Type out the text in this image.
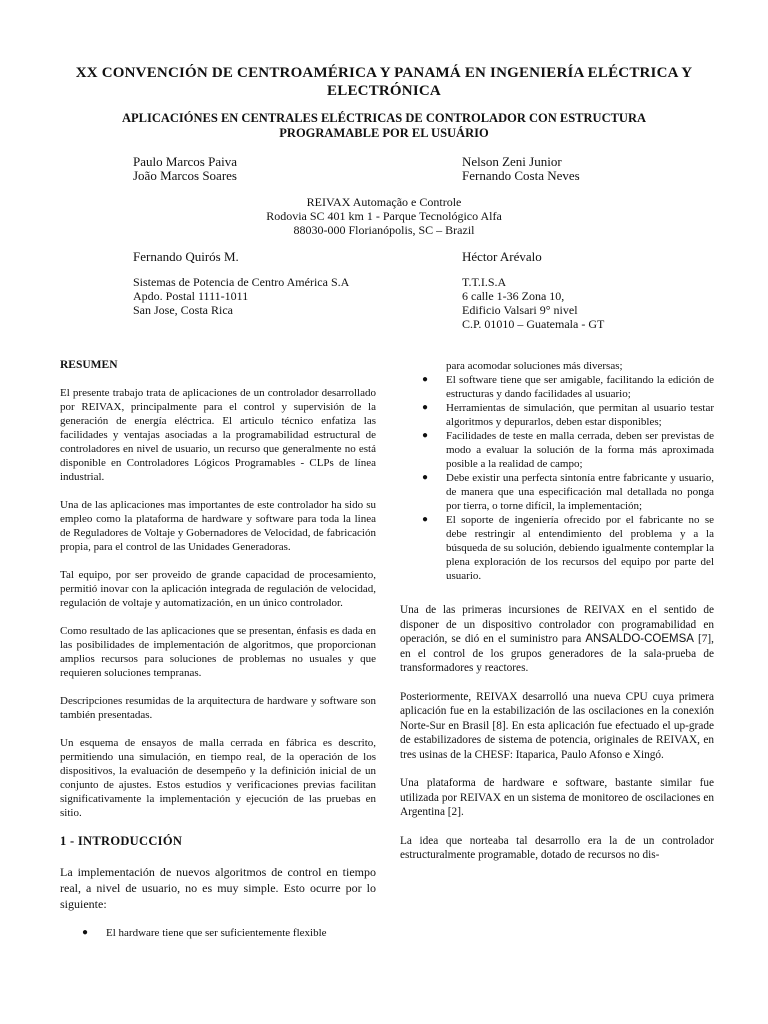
XX CONVENCIÓN DE CENTROAMÉRICA Y PANAMÁ EN INGENIERÍA ELÉCTRICA Y ELECTRÓNICA
APLICACIÓNES EN CENTRALES ELÉCTRICAS DE CONTROLADOR CON ESTRUCTURA PROGRAMABLE POR EL USUÁRIO
Paulo Marcos Paiva
João Marcos Soares
Nelson Zeni Junior
Fernando Costa Neves
REIVAX Automação e Controle
Rodovia SC 401 km 1 - Parque Tecnológico Alfa
88030-000 Florianópolis, SC – Brazil
Fernando Quirós M.	Héctor Arévalo
Sistemas de Potencia de Centro América S.A
Apdo. Postal 1111-1011
San Jose, Costa Rica
T.T.I.S.A
6 calle 1-36 Zona 10,
Edificio Valsari 9° nivel
C.P. 01010 – Guatemala - GT
RESUMEN

El presente trabajo trata de aplicaciones de un controlador desarrollado por REIVAX, principalmente para el control y supervisión de la generación de energía eléctrica. El articulo técnico enfatiza las facilidades y ventajas asociadas a la programabilidad estructural de controladores en nivel de usuario, un recurso que generalmente no está disponible en Controladores Lógicos Programables - CLPs de línea industrial.

Una de las aplicaciones mas importantes de este controlador ha sido su empleo como la plataforma de hardware y software para toda la linea de Reguladores de Voltaje y Gobernadores de Velocidad, de fabricación propia, para el control de las Unidades Generadoras.

Tal equipo, por ser proveido de grande capacidad de procesamiento, permitió inovar con la aplicación integrada de regulación de velocidad, regulación de voltaje y automatización, en un único controlador.

Como resultado de las aplicaciones que se presentan, énfasis es dada en las posibilidades de implementación de algoritmos, que proporcionan amplios recursos para soluciones de problemas no usuales y que requieren soluciones tempranas.

Descripciones resumidas de la arquitectura de hardware y software son también presentadas.

Un esquema de ensayos de malla cerrada en fábrica es descrito, permitiendo una simulación, en tiempo real, de la operación de los dispositivos, la evaluación de desempeño y la definición inicial de un conjunto de ajustes. Estos estudios y verificaciones previas facilitan significativamente la implementación y ejecución de las pruebas en sitio.

1 - INTRODUCCIÓN

La implementación de nuevos algoritmos de control en tiempo real, a nivel de usuario, no es muy simple. Esto ocurre por lo siguiente:

● El hardware tiene que ser suficientemente flexible
para acomodar soluciones más diversas;
● El software tiene que ser amigable, facilitando la edición de estructuras y dando facilidades al usuario;
● Herramientas de simulación, que permitan al usuario testar algoritmos y depurarlos, deben estar disponibles;
● Facilidades de teste en malla cerrada, deben ser previstas de modo a evaluar la solución de la forma más aproximada posible a la realidad de campo;
● Debe existir una perfecta sintonía entre fabricante y usuario, de manera que una especificación mal detallada no ponga por tierra, o torne difícil, la implementación;
● El soporte de ingeniería ofrecido por el fabricante no se debe restringir al entendimiento del problema y a la búsqueda de su solución, debiendo igualmente contemplar la plena exploración de los recursos del equipo por parte del usuario.

Una de las primeras incursiones de REIVAX en el sentido de disponer de un dispositivo controlador con programabilidad en operación, se dió en el suministro para ANSALDO-COEMSA [7], en el control de los grupos generadores de la sala-prueba de transformadores y reactores.

Posteriormente, REIVAX desarrolló una nueva CPU cuya primera aplicación fue en la estabilización de las oscilaciones en la conexión Norte-Sur en Brasil [8]. En esta aplicación fue efectuado el up-grade de estabilizadores de sistema de potencia, originales de REIVAX, en tres usinas de la CHESF: Itaparica, Paulo Afonso e Xingó.

Una plataforma de hardware e software, bastante similar fue utilizada por REIVAX en un sistema de monitoreo de oscilaciones en Argentina [2].

La idea que norteaba tal desarrollo era la de un controlador estructuralmente programable, dotado de recursos no dis-
